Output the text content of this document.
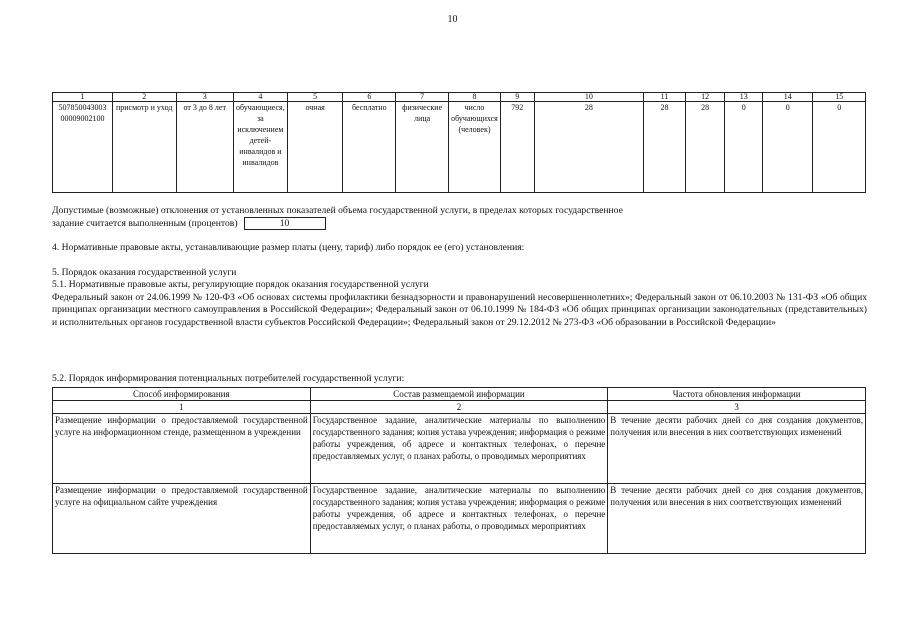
10
1	2	3	4	5	6	7	8	9	10	11	12	13	14	15
507850043003 00009002100	присмотр и уход	от 3 до 8 лет	обучающиеся, за исключением детей-инвалидов и инвалидов	очная	бесплатно	физические лица	число обучающихся (человек)	792	28	28	28	0	0	0

Допустимые (возможные) отклонения от установленных показателей объема государственной услуги, в пределах которых государственное
задание считается выполненным (процентов)	10

4. Нормативные правовые акты, устанавливающие размер платы (цену, тариф) либо порядок ее (его) установления:

5. Порядок оказания государственной услуги

5.1. Нормативные правовые акты, регулирующие порядок оказания государственной услуги

Федеральный закон от 24.06.1999 № 120-ФЗ «Об основах системы профилактики безнадзорности и правонарушений несовершеннолетних»; Федеральный закон от 06.10.2003 № 131-ФЗ «Об общих принципах организации местного самоуправления в Российской Федерации»; Федеральный закон от 06.10.1999 № 184-ФЗ «Об общих принципах организации законодательных (представительных) и исполнительных органов государственной власти субъектов Российской Федерации»; Федеральный закон от 29.12.2012 № 273-ФЗ «Об образовании в Российской Федерации»

5.2. Порядок информирования потенциальных потребителей государственной услуги:

Способ информирования	Состав размещаемой информации	Частота обновления информации
1	2	3
Размещение информации о предоставляемой государственной услуге на информационном стенде, размещенном в учреждении	Государственное задание, аналитические материалы по выполнению государственного задания; копия устава учреждения; информация о режиме работы учреждения, об адресе и контактных телефонах, о перечне предоставляемых услуг, о планах работы, о проводимых мероприятиях	В течение десяти рабочих дней со дня создания документов, получения или внесения в них соответствующих изменений
Размещение информации о предоставляемой государственной услуге на официальном сайте учреждения	Государственное задание, аналитические материалы по выполнению государственного задания; копия устава учреждения; информация о режиме работы учреждения, об адресе и контактных телефонах, о перечне предоставляемых услуг, о планах работы, о проводимых мероприятиях	В течение десяти рабочих дней со дня создания документов, получения или внесения в них соответствующих изменений
